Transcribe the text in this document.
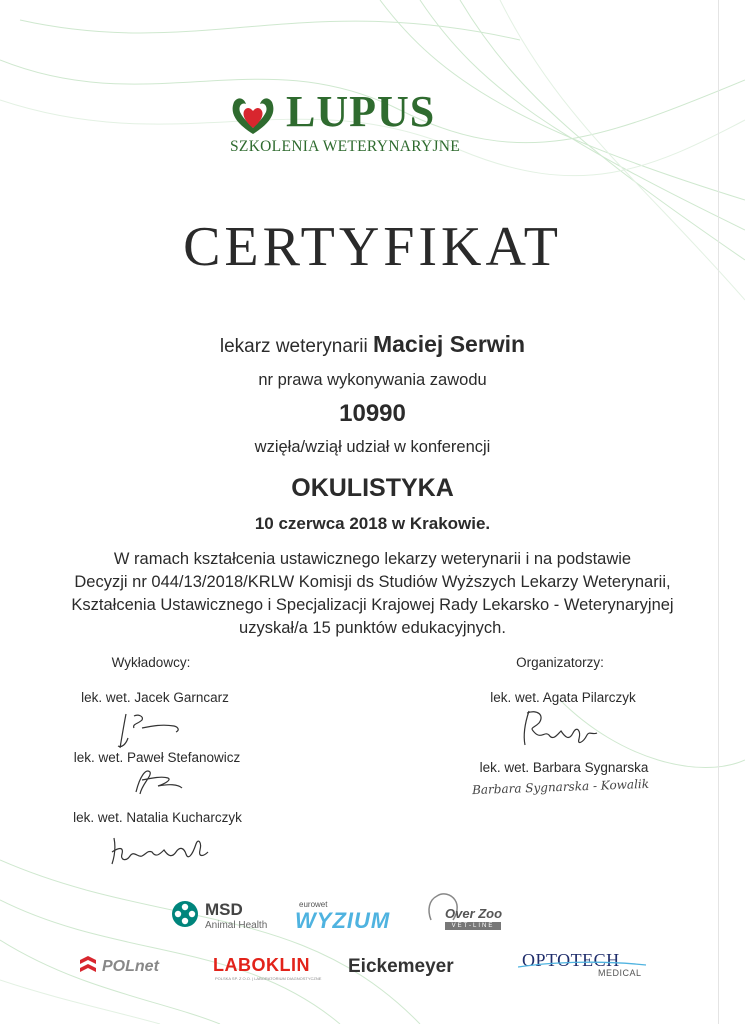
LUPUS
SZKOLENIA WETERYNARYJNE
CERTYFIKAT
lekarz weterynarii Maciej Serwin
nr prawa wykonywania zawodu
10990
wzięła/wziął udział w konferencji
OKULISTYKA
10 czerwca 2018 w Krakowie.
W ramach kształcenia ustawicznego lekarzy weterynarii i na podstawie
Decyzji nr 044/13/2018/KRLW Komisji ds Studiów Wyższych Lekarzy Weterynarii,
Kształcenia Ustawicznego i Specjalizacji Krajowej Rady Lekarsko - Weterynaryjnej
uzyskał/a 15 punktów edukacyjnych.
Wykładowcy:
lek. wet. Jacek Garncarz
lek. wet. Paweł Stefanowicz
lek. wet. Natalia Kucharczyk
Organizatorzy:
lek. wet. Agata Pilarczyk
lek. wet. Barbara Sygnarska
Barbara Sygnarska - Kowalik
MSD
Animal Health
eurowet
WYZIUM	Over Zoo
VET-LINE
POLnet	LABOKLIN
POLSKA SP. Z O.O. | LABORATORIUM DIAGNOSTYCZNE
Eickemeyer	OPTOTECH
MEDICAL
